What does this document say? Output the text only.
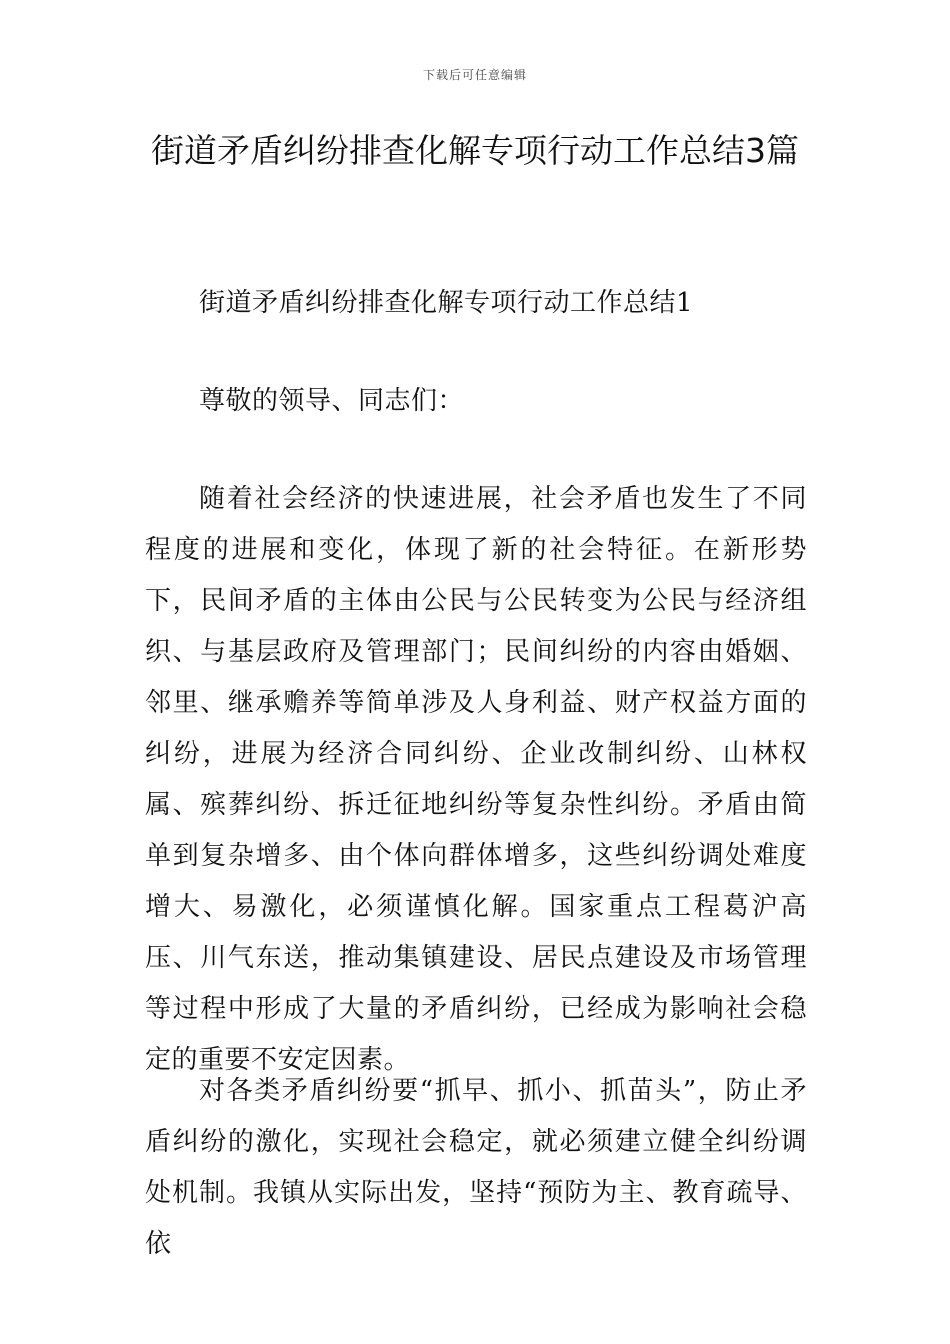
下载后可任意编辑
街道矛盾纠纷排查化解专项行动工作总结3篇

街道矛盾纠纷排查化解专项行动工作总结1

尊敬的领导、同志们：

随着社会经济的快速进展，社会矛盾也发生了不同程度的进展和变化，体现了新的社会特征。在新形势下，民间矛盾的主体由公民与公民转变为公民与经济组织、与基层政府及管理部门；民间纠纷的内容由婚姻、邻里、继承赡养等简单涉及人身利益、财产权益方面的纠纷，进展为经济合同纠纷、企业改制纠纷、山林权属、殡葬纠纷、拆迁征地纠纷等复杂性纠纷。矛盾由简单到复杂增多、由个体向群体增多，这些纠纷调处难度增大、易激化，必须谨慎化解。国家重点工程葛沪高压、川气东送，推动集镇建设、居民点建设及市场管理等过程中形成了大量的矛盾纠纷，已经成为影响社会稳定的重要不安定因素。

对各类矛盾纠纷要“抓早、抓小、抓苗头”，防止矛盾纠纷的激化，实现社会稳定，就必须建立健全纠纷调处机制。我镇从实际出发，坚持“预防为主、教育疏导、依
